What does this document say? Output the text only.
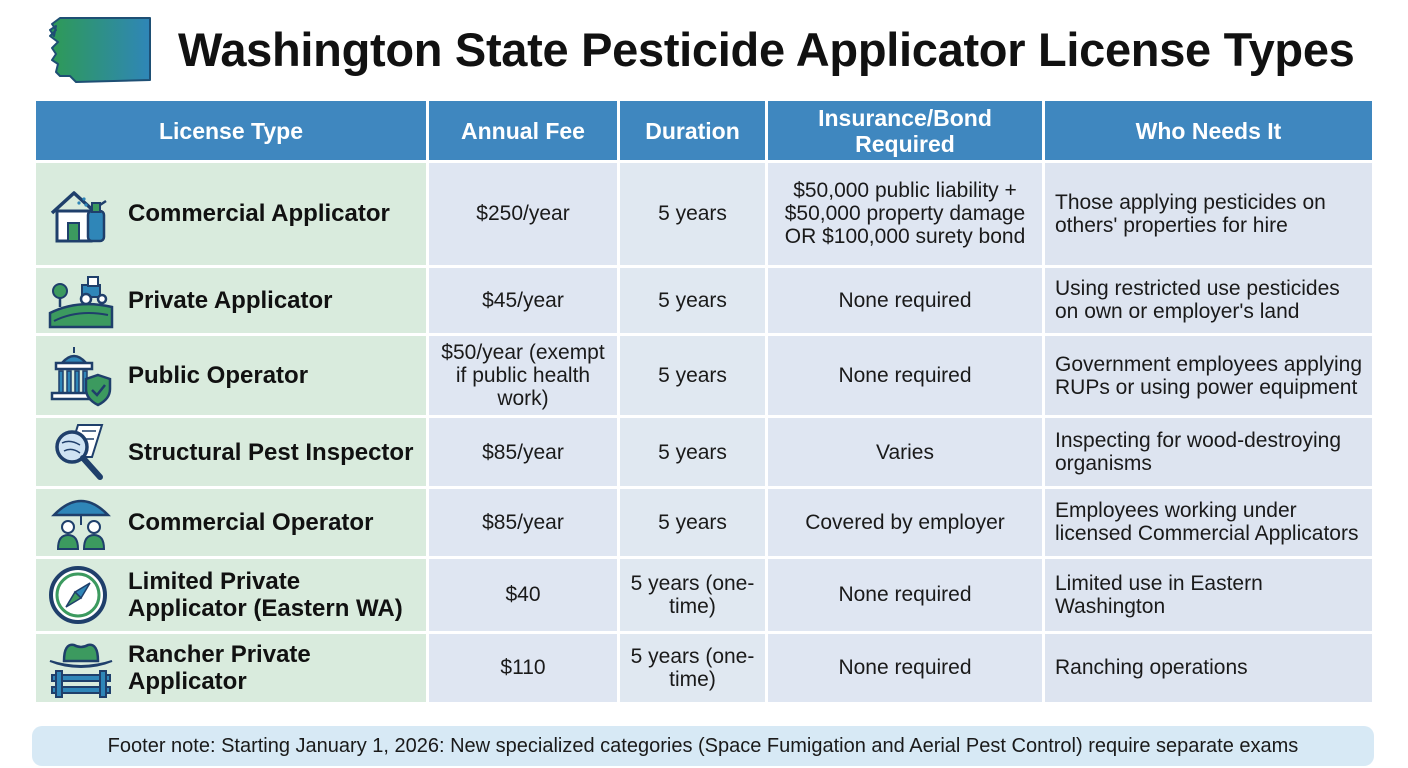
Washington State Pesticide Applicator License Types
License Type	Annual Fee	Duration	Insurance/Bond Required	Who Needs It

Commercial Applicator	$250/year	5 years	$50,000 public liability + $50,000 property damage OR $100,000 surety bond	Those applying pesticides on others' properties for hire

Private Applicator	$45/year	5 years	None required	Using restricted use pesticides on own or employer's land

Public Operator	$50/year (exempt if public health work)	5 years	None required	Government employees applying RUPs or using power equipment

Structural Pest Inspector	$85/year	5 years	Varies	Inspecting for wood-destroying organisms

Commercial Operator	$85/year	5 years	Covered by employer	Employees working under licensed Commercial Applicators

Limited Private Applicator (Eastern WA)	$40	5 years (one-time)	None required	Limited use in Eastern Washington

Rancher Private Applicator	$110	5 years (one-time)	None required	Ranching operations
Footer note: Starting January 1, 2026: New specialized categories (Space Fumigation and Aerial Pest Control) require separate exams
